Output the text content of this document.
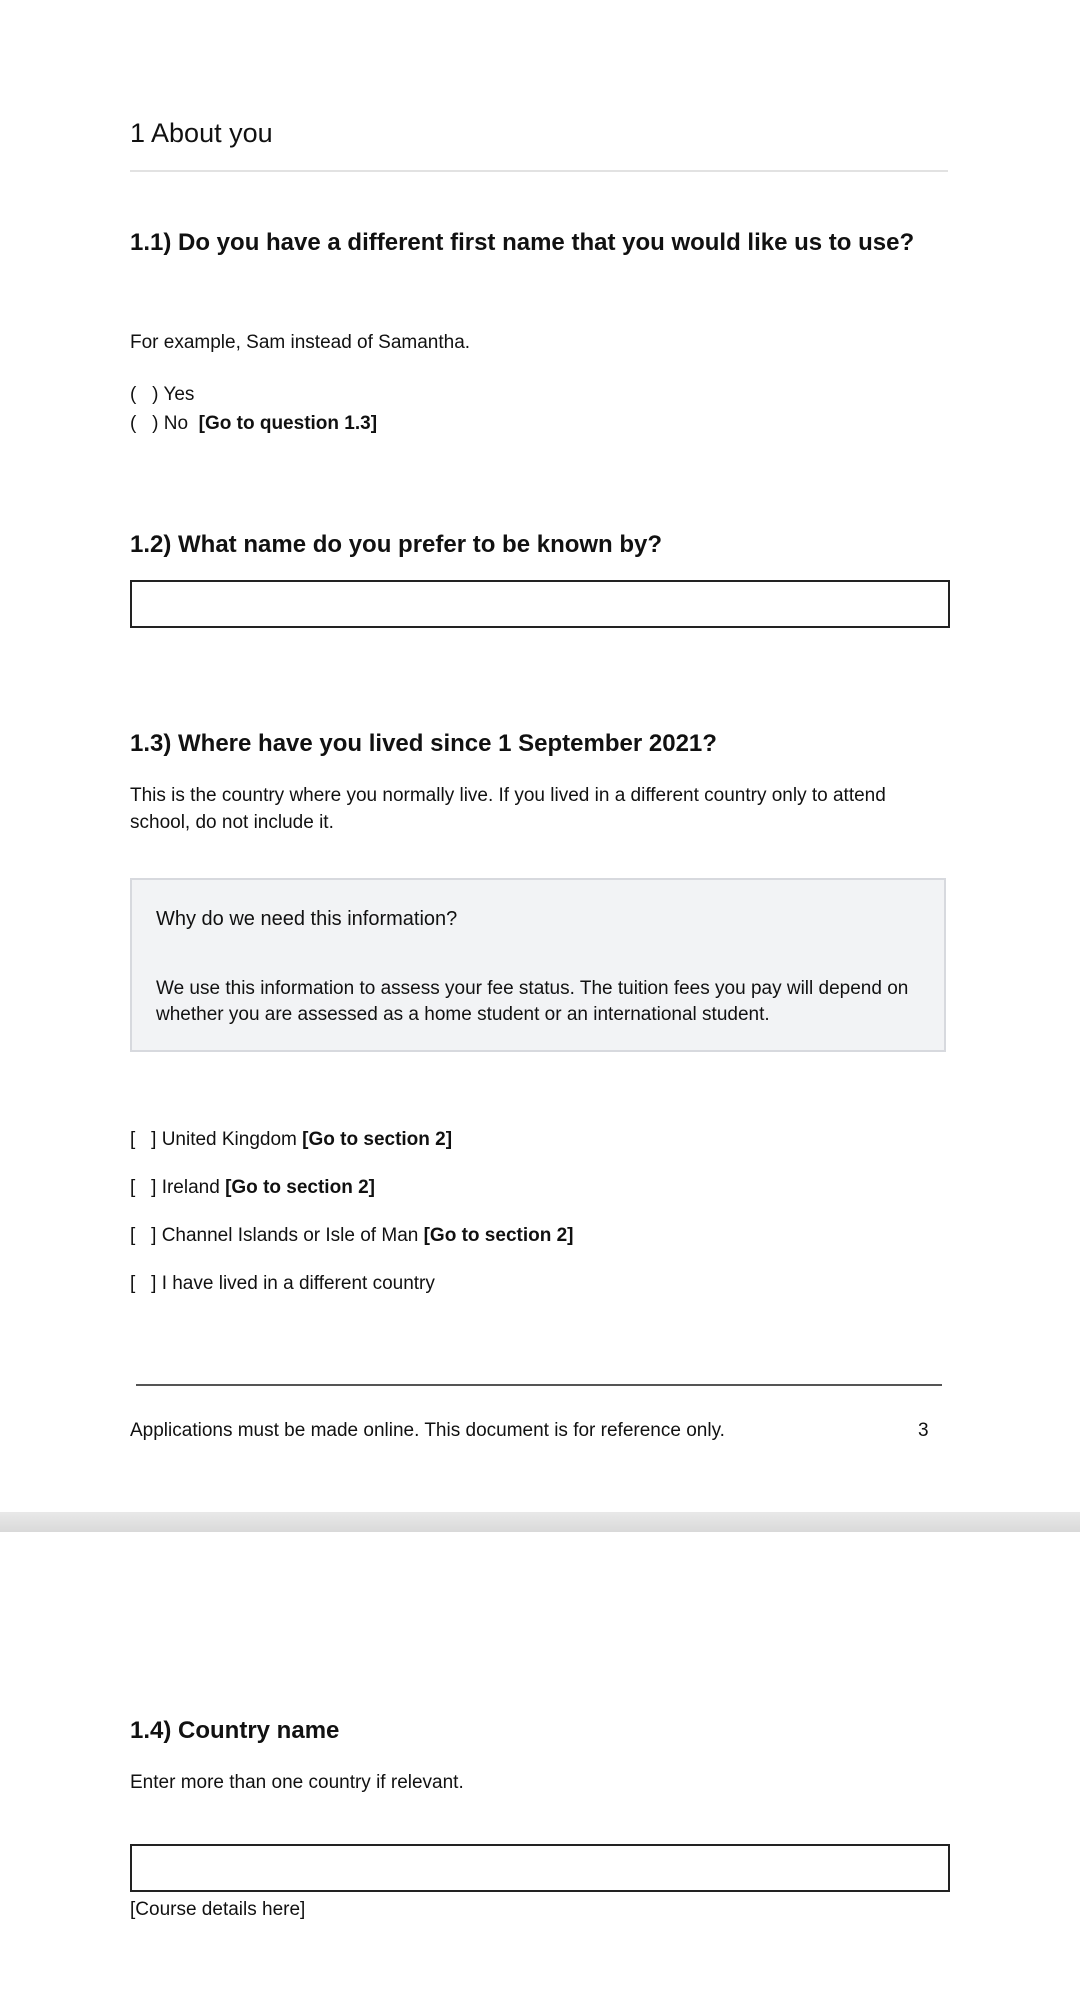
1 About you
1.1) Do you have a different first name that you would like us to use?
For example, Sam instead of Samantha.
(   ) Yes
(   ) No [Go to question 1.3]
1.2) What name do you prefer to be known by?
1.3) Where have you lived since 1 September 2021?
This is the country where you normally live. If you lived in a different country only to attend school, do not include it.
Why do we need this information?
We use this information to assess your fee status. The tuition fees you pay will depend on whether you are assessed as a home student or an international student.
[   ] United Kingdom [Go to section 2]
[   ] Ireland [Go to section 2]
[   ] Channel Islands or Isle of Man [Go to section 2]
[   ] I have lived in a different country
Applications must be made online. This document is for reference only.	3
1.4) Country name
Enter more than one country if relevant.
[Course details here]
